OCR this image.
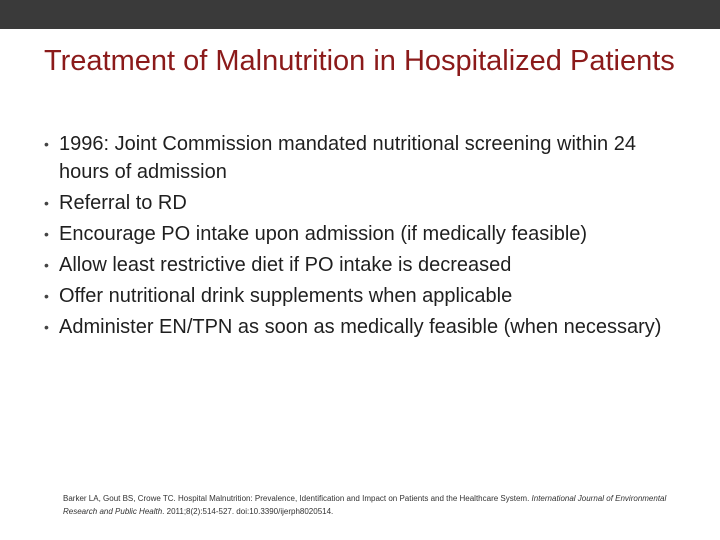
Treatment of Malnutrition in Hospitalized Patients
• 1996: Joint Commission mandated nutritional screening within 24 hours of admission
• Referral to RD
• Encourage PO intake upon admission (if medically feasible)
• Allow least restrictive diet if PO intake is decreased
• Offer nutritional drink supplements when applicable
• Administer EN/TPN as soon as medically feasible (when necessary)
Barker LA, Gout BS, Crowe TC. Hospital Malnutrition: Prevalence, Identification and Impact on Patients and the Healthcare System. International Journal of Environmental Research and Public Health. 2011;8(2):514-527. doi:10.3390/ijerph8020514.
